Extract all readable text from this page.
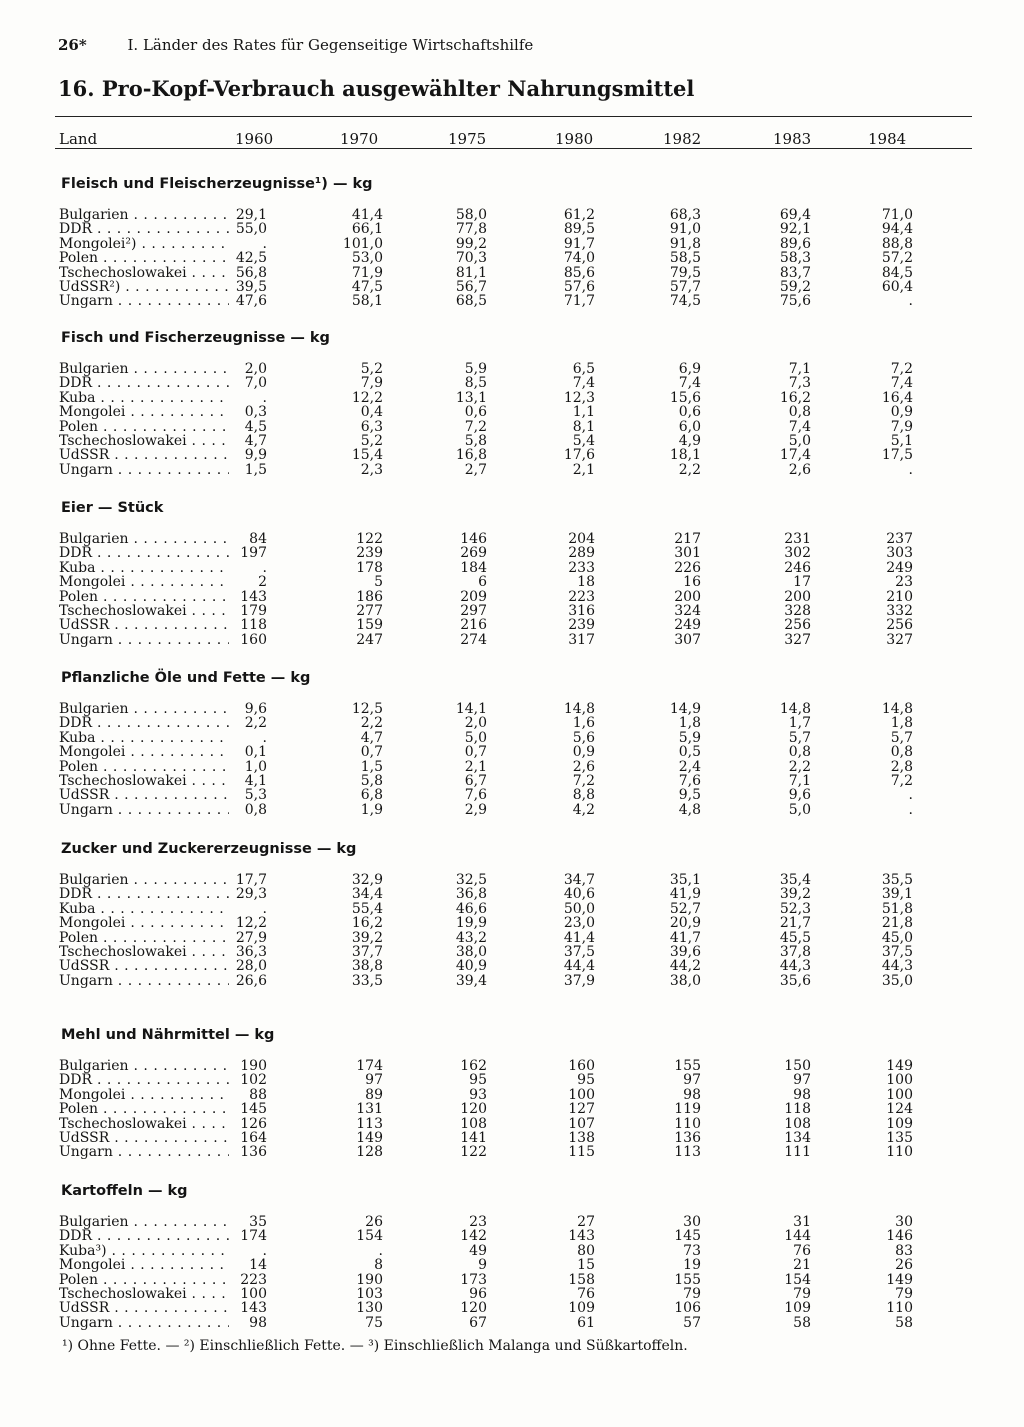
26*	I. Länder des Rates für Gegenseitige Wirtschaftshilfe
16. Pro-Kopf-Verbrauch ausgewählter Nahrungsmittel
Land	1960	1970	1975	1980	1982	1983	1984
Fleisch und Fleischerzeugnisse¹) — kg
Bulgarien . . .	29,1	41,4	58,0	61,2	68,3	69,4	71,0
DDR . . .	55,0	66,1	77,8	89,5	91,0	92,1	94,4
Mongolei²) . . .	.	101,0	99,2	91,7	91,8	89,6	88,8
Polen . . .	42,5	53,0	70,3	74,0	58,5	58,3	57,2
Tschechoslowakei . . .	56,8	71,9	81,1	85,6	79,5	83,7	84,5
UdSSR²) . . .	39,5	47,5	56,7	57,6	57,7	59,2	60,4
Ungarn . . .	47,6	58,1	68,5	71,7	74,5	75,6	.
Fisch und Fischerzeugnisse — kg
Bulgarien . . .	2,0	5,2	5,9	6,5	6,9	7,1	7,2
DDR . . .	7,0	7,9	8,5	7,4	7,4	7,3	7,4
Kuba . . .	.	12,2	13,1	12,3	15,6	16,2	16,4
Mongolei . . .	0,3	0,4	0,6	1,1	0,6	0,8	0,9
Polen . . .	4,5	6,3	7,2	8,1	6,0	7,4	7,9
Tschechoslowakei . . .	4,7	5,2	5,8	5,4	4,9	5,0	5,1
UdSSR . . .	9,9	15,4	16,8	17,6	18,1	17,4	17,5
Ungarn . . .	1,5	2,3	2,7	2,1	2,2	2,6	.
Eier — Stück
Bulgarien . . .	84	122	146	204	217	231	237
DDR . . .	197	239	269	289	301	302	303
Kuba . . .	.	178	184	233	226	246	249
Mongolei . . .	2	5	6	18	16	17	23
Polen . . .	143	186	209	223	200	200	210
Tschechoslowakei . . .	179	277	297	316	324	328	332
UdSSR . . .	118	159	216	239	249	256	256
Ungarn . . .	160	247	274	317	307	327	327
Pflanzliche Öle und Fette — kg
Bulgarien . . .	9,6	12,5	14,1	14,8	14,9	14,8	14,8
DDR . . .	2,2	2,2	2,0	1,6	1,8	1,7	1,8
Kuba . . .	.	4,7	5,0	5,6	5,9	5,7	5,7
Mongolei . . .	0,1	0,7	0,7	0,9	0,5	0,8	0,8
Polen . . .	1,0	1,5	2,1	2,6	2,4	2,2	2,8
Tschechoslowakei . . .	4,1	5,8	6,7	7,2	7,6	7,1	7,2
UdSSR . . .	5,3	6,8	7,6	8,8	9,5	9,6	.
Ungarn . . .	0,8	1,9	2,9	4,2	4,8	5,0	.
Zucker und Zuckererzeugnisse — kg
Bulgarien . . .	17,7	32,9	32,5	34,7	35,1	35,4	35,5
DDR . . .	29,3	34,4	36,8	40,6	41,9	39,2	39,1
Kuba . . .	.	55,4	46,6	50,0	52,7	52,3	51,8
Mongolei . . .	12,2	16,2	19,9	23,0	20,9	21,7	21,8
Polen . . .	27,9	39,2	43,2	41,4	41,7	45,5	45,0
Tschechoslowakei . . .	36,3	37,7	38,0	37,5	39,6	37,8	37,5
UdSSR . . .	28,0	38,8	40,9	44,4	44,2	44,3	44,3
Ungarn . . .	26,6	33,5	39,4	37,9	38,0	35,6	35,0
Mehl und Nährmittel — kg
Bulgarien . . .	190	174	162	160	155	150	149
DDR . . .	102	97	95	95	97	97	100
Mongolei . . .	88	89	93	100	98	98	100
Polen . . .	145	131	120	127	119	118	124
Tschechoslowakei . . .	126	113	108	107	110	108	109
UdSSR . . .	164	149	141	138	136	134	135
Ungarn . . .	136	128	122	115	113	111	110
Kartoffeln — kg
Bulgarien . . .	35	26	23	27	30	31	30
DDR . . .	174	154	142	143	145	144	146
Kuba³) . . .	.	.	49	80	73	76	83
Mongolei . . .	14	8	9	15	19	21	26
Polen . . .	223	190	173	158	155	154	149
Tschechoslowakei . . .	100	103	96	76	79	79	79
UdSSR . . .	143	130	120	109	106	109	110
Ungarn . . .	98	75	67	61	57	58	58
¹) Ohne Fette. — ²) Einschließlich Fette. — ³) Einschließlich Malanga und Süßkartoffeln.
